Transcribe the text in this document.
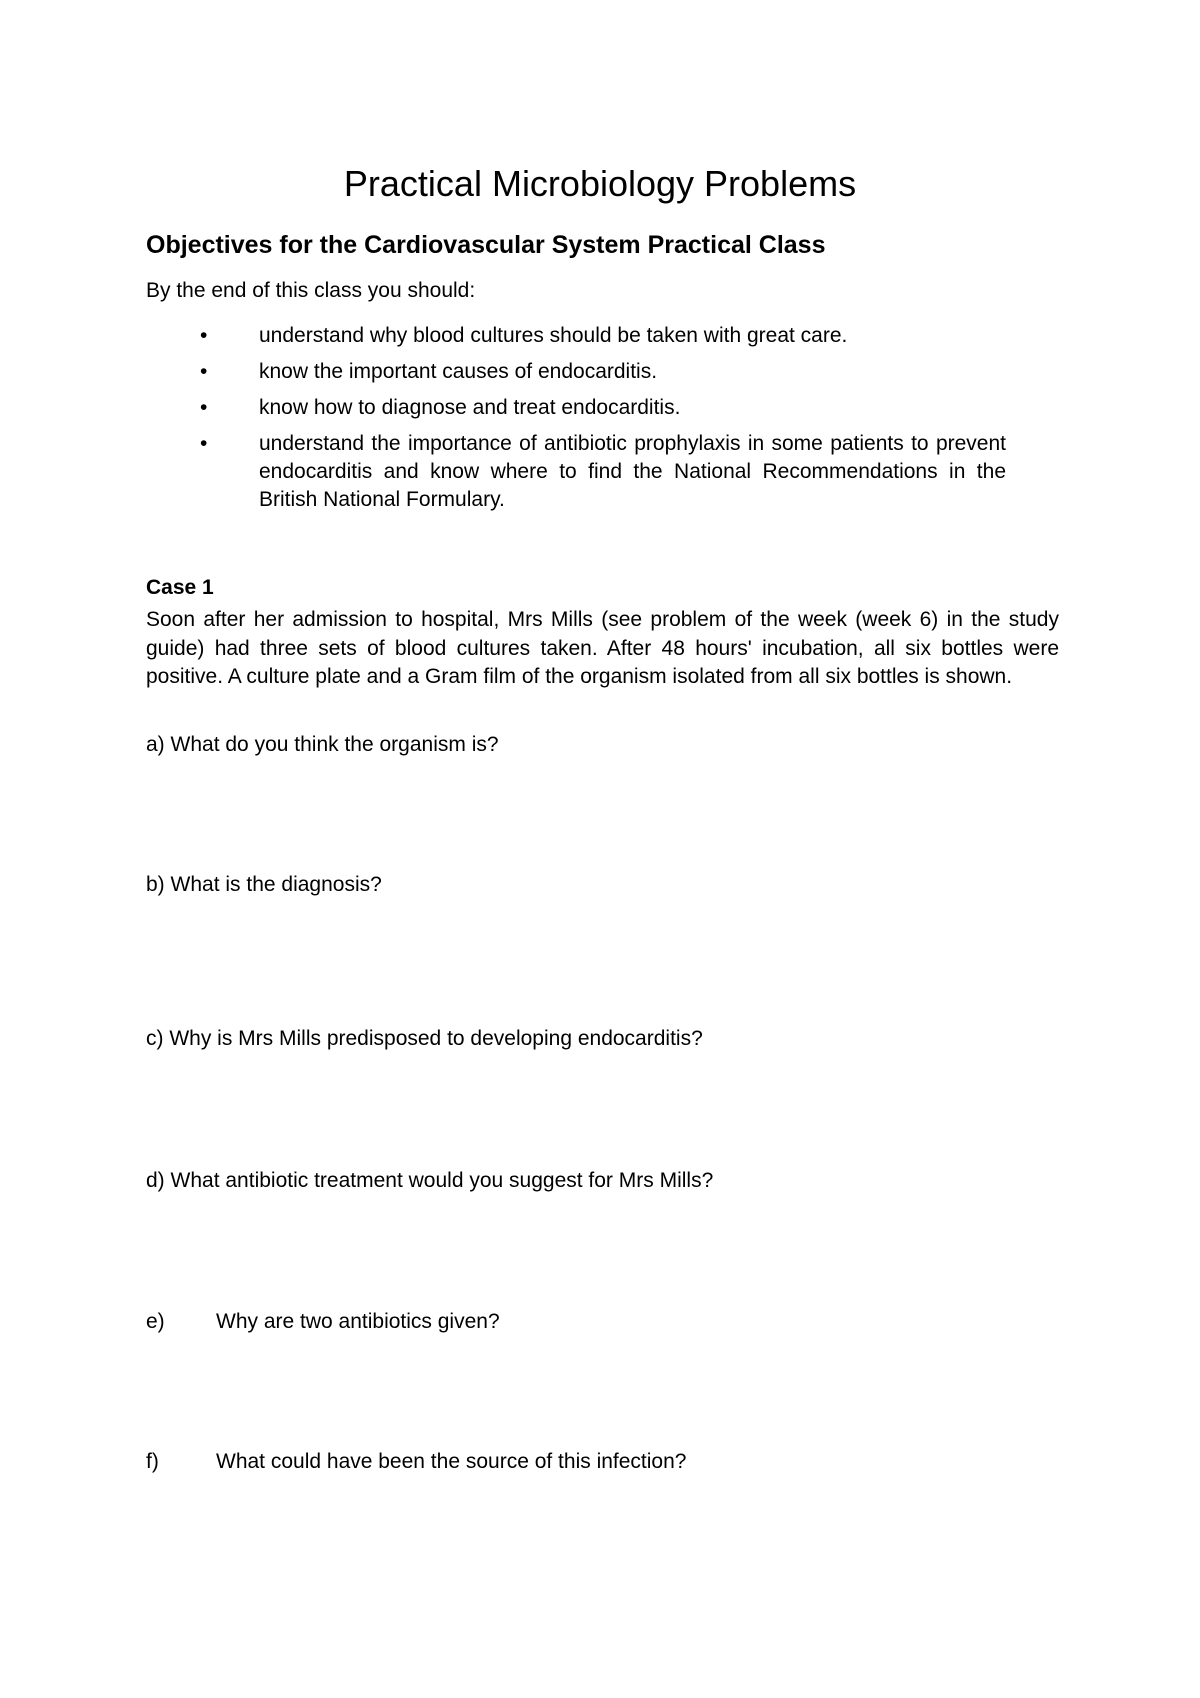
Practical Microbiology Problems
Objectives for the Cardiovascular System Practical Class

By the end of this class you should:

• understand why blood cultures should be taken with great care.
• know the important causes of endocarditis.
• know how to diagnose and treat endocarditis.
• understand the importance of antibiotic prophylaxis in some patients to prevent endocarditis and know where to find the National Recommendations in the British National Formulary.

Case 1

Soon after her admission to hospital, Mrs Mills (see problem of the week (week 6) in the study guide) had three sets of blood cultures taken. After 48 hours' incubation, all six bottles were positive. A culture plate and a Gram film of the organism isolated from all six bottles is shown.

a) What do you think the organism is?

b) What is the diagnosis?

c) Why is Mrs Mills predisposed to developing endocarditis?

d) What antibiotic treatment would you suggest for Mrs Mills?

e) Why are two antibiotics given?

f)	What could have been the source of this infection?
